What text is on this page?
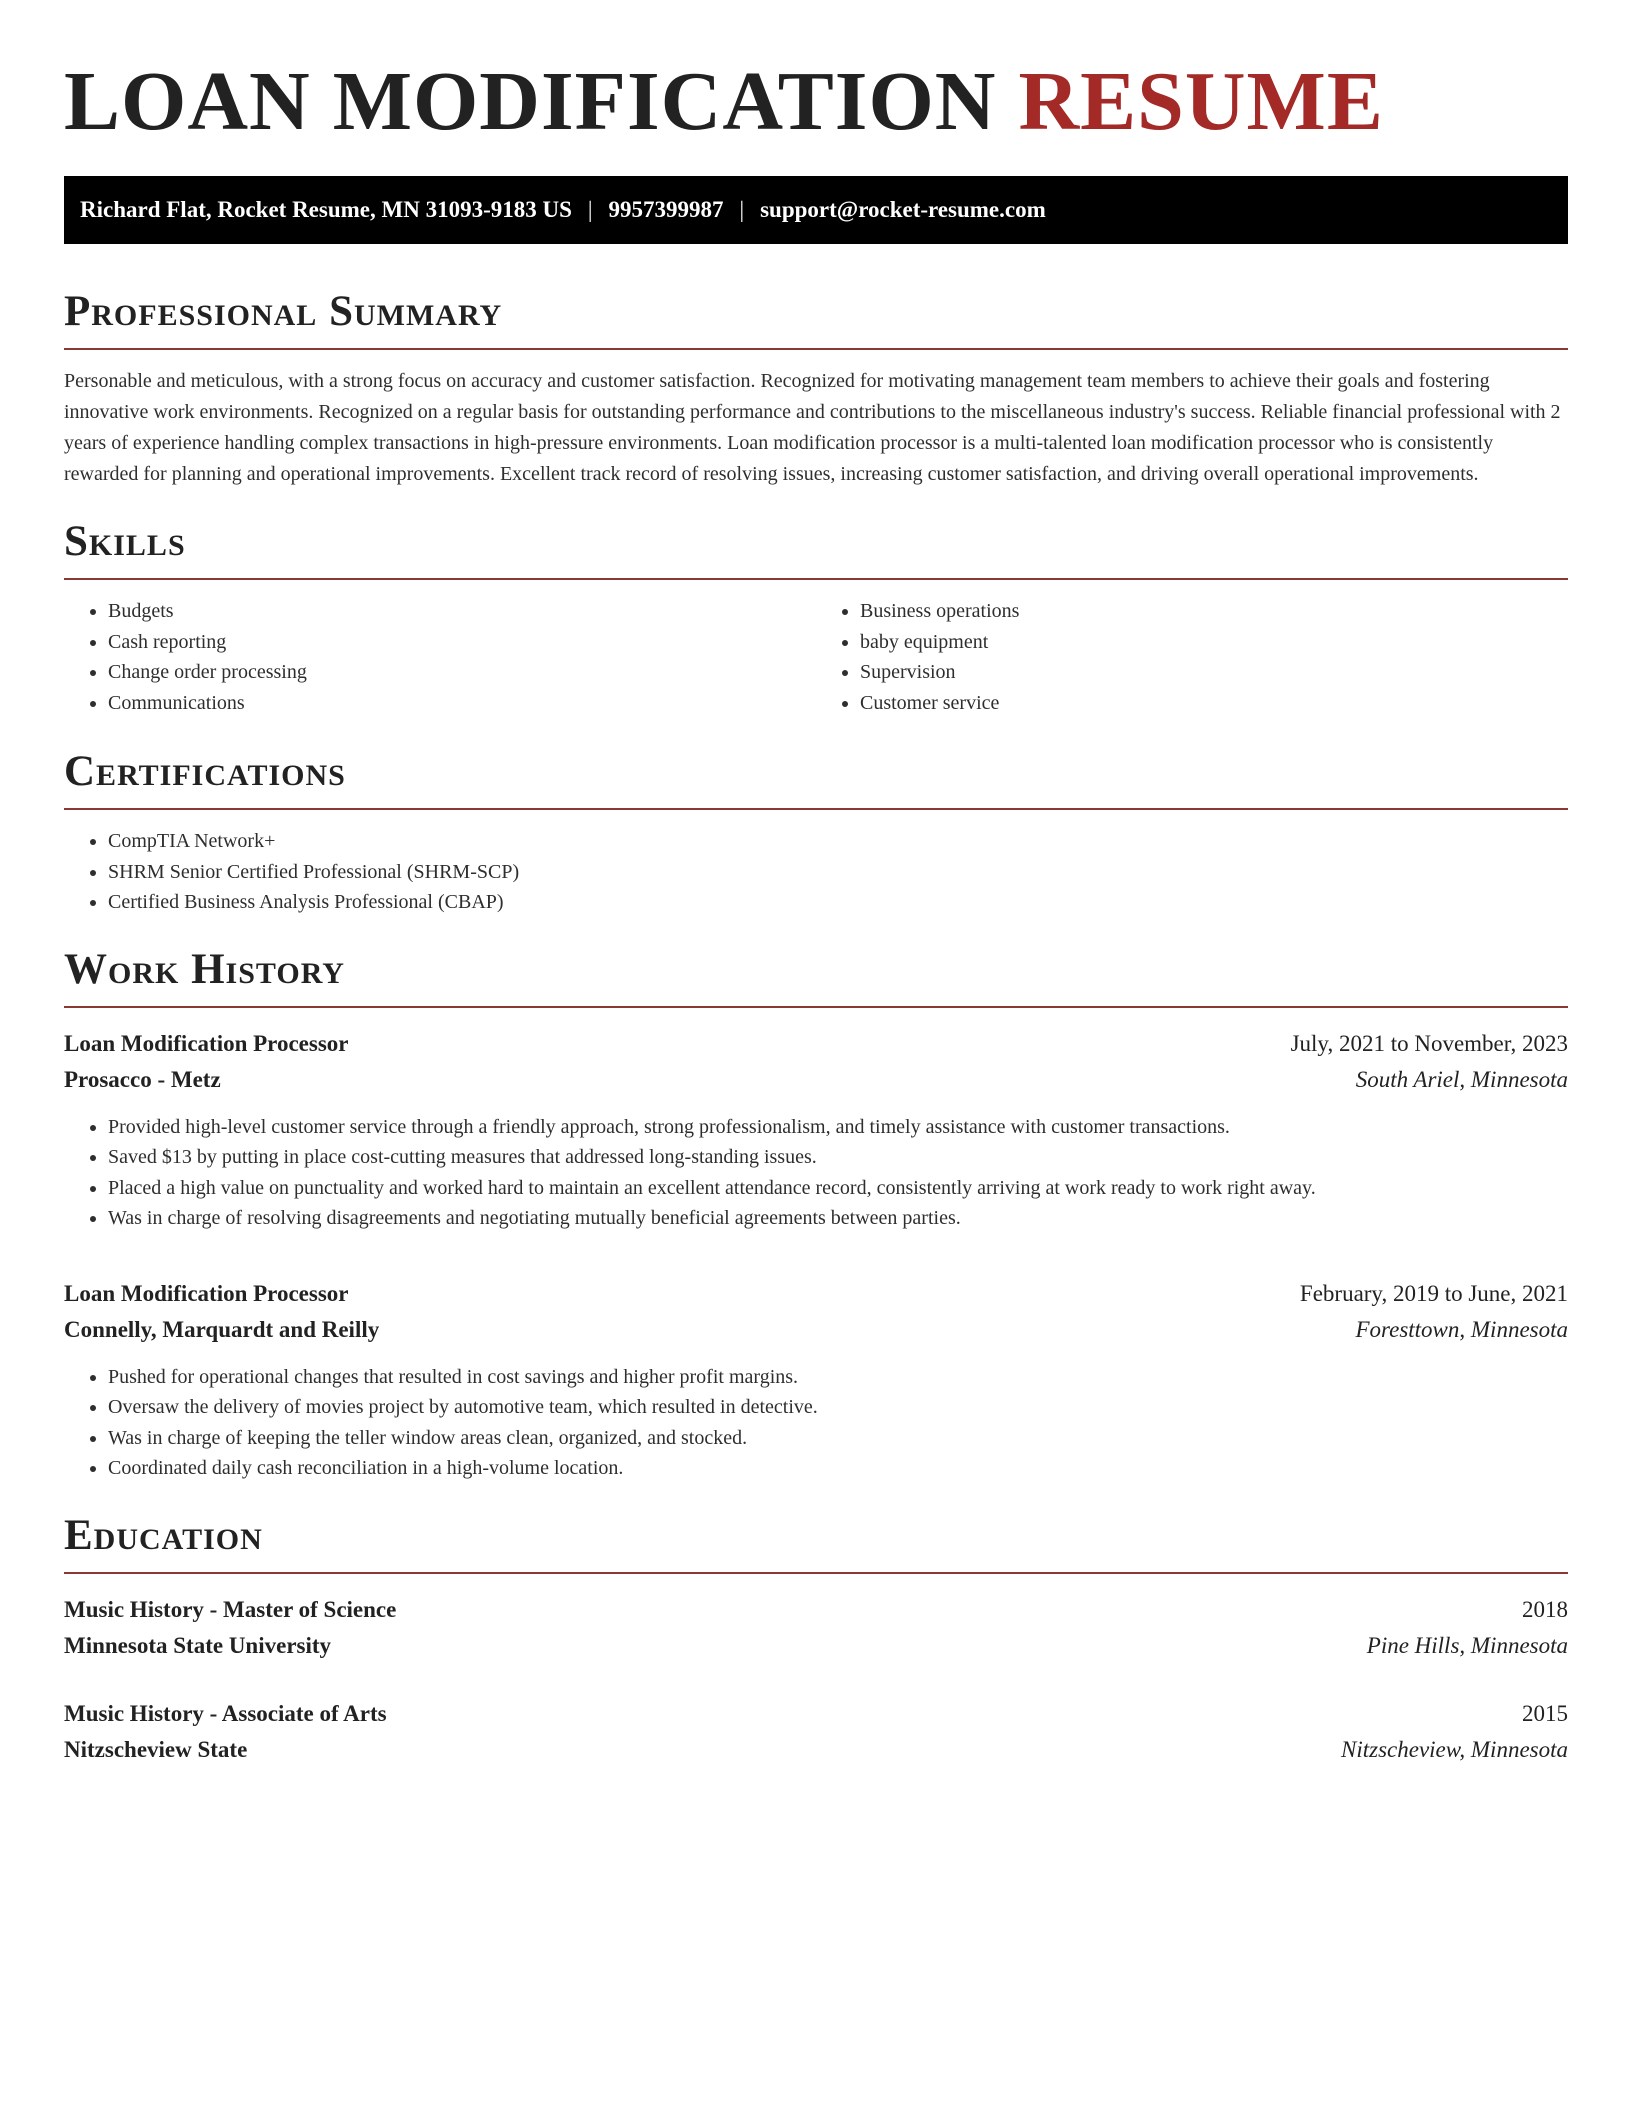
LOAN MODIFICATION RESUME
Richard Flat, Rocket Resume, MN 31093-9183 US | 9957399987 | support@rocket-resume.com
Professional Summary

Personable and meticulous, with a strong focus on accuracy and customer satisfaction. Recognized for motivating management team members to achieve their goals and fostering innovative work environments. Recognized on a regular basis for outstanding performance and contributions to the miscellaneous industry's success. Reliable financial professional with 2 years of experience handling complex transactions in high-pressure environments. Loan modification processor is a multi-talented loan modification processor who is consistently rewarded for planning and operational improvements. Excellent track record of resolving issues, increasing customer satisfaction, and driving overall operational improvements.

Skills
• Budgets
• Cash reporting
• Change order processing
• Communications
• Business operations
• baby equipment
• Supervision
• Customer service
Certifications
• CompTIA Network+
• SHRM Senior Certified Professional (SHRM-SCP)
• Certified Business Analysis Professional (CBAP)
Work History
Loan Modification Processor	July, 2021 to November, 2023
Prosacco - Metz	South Ariel, Minnesota
• Provided high-level customer service through a friendly approach, strong professionalism, and timely assistance with customer transactions.
• Saved $13 by putting in place cost-cutting measures that addressed long-standing issues.
• Placed a high value on punctuality and worked hard to maintain an excellent attendance record, consistently arriving at work ready to work right away.
• Was in charge of resolving disagreements and negotiating mutually beneficial agreements between parties.
Loan Modification Processor	February, 2019 to June, 2021
Connelly, Marquardt and Reilly	Foresttown, Minnesota
• Pushed for operational changes that resulted in cost savings and higher profit margins.
• Oversaw the delivery of movies project by automotive team, which resulted in detective.
• Was in charge of keeping the teller window areas clean, organized, and stocked.
• Coordinated daily cash reconciliation in a high-volume location.
Education
Music History - Master of Science	2018
Minnesota State University	Pine Hills, Minnesota
Music History - Associate of Arts	2015
Nitzscheview State	Nitzscheview, Minnesota
